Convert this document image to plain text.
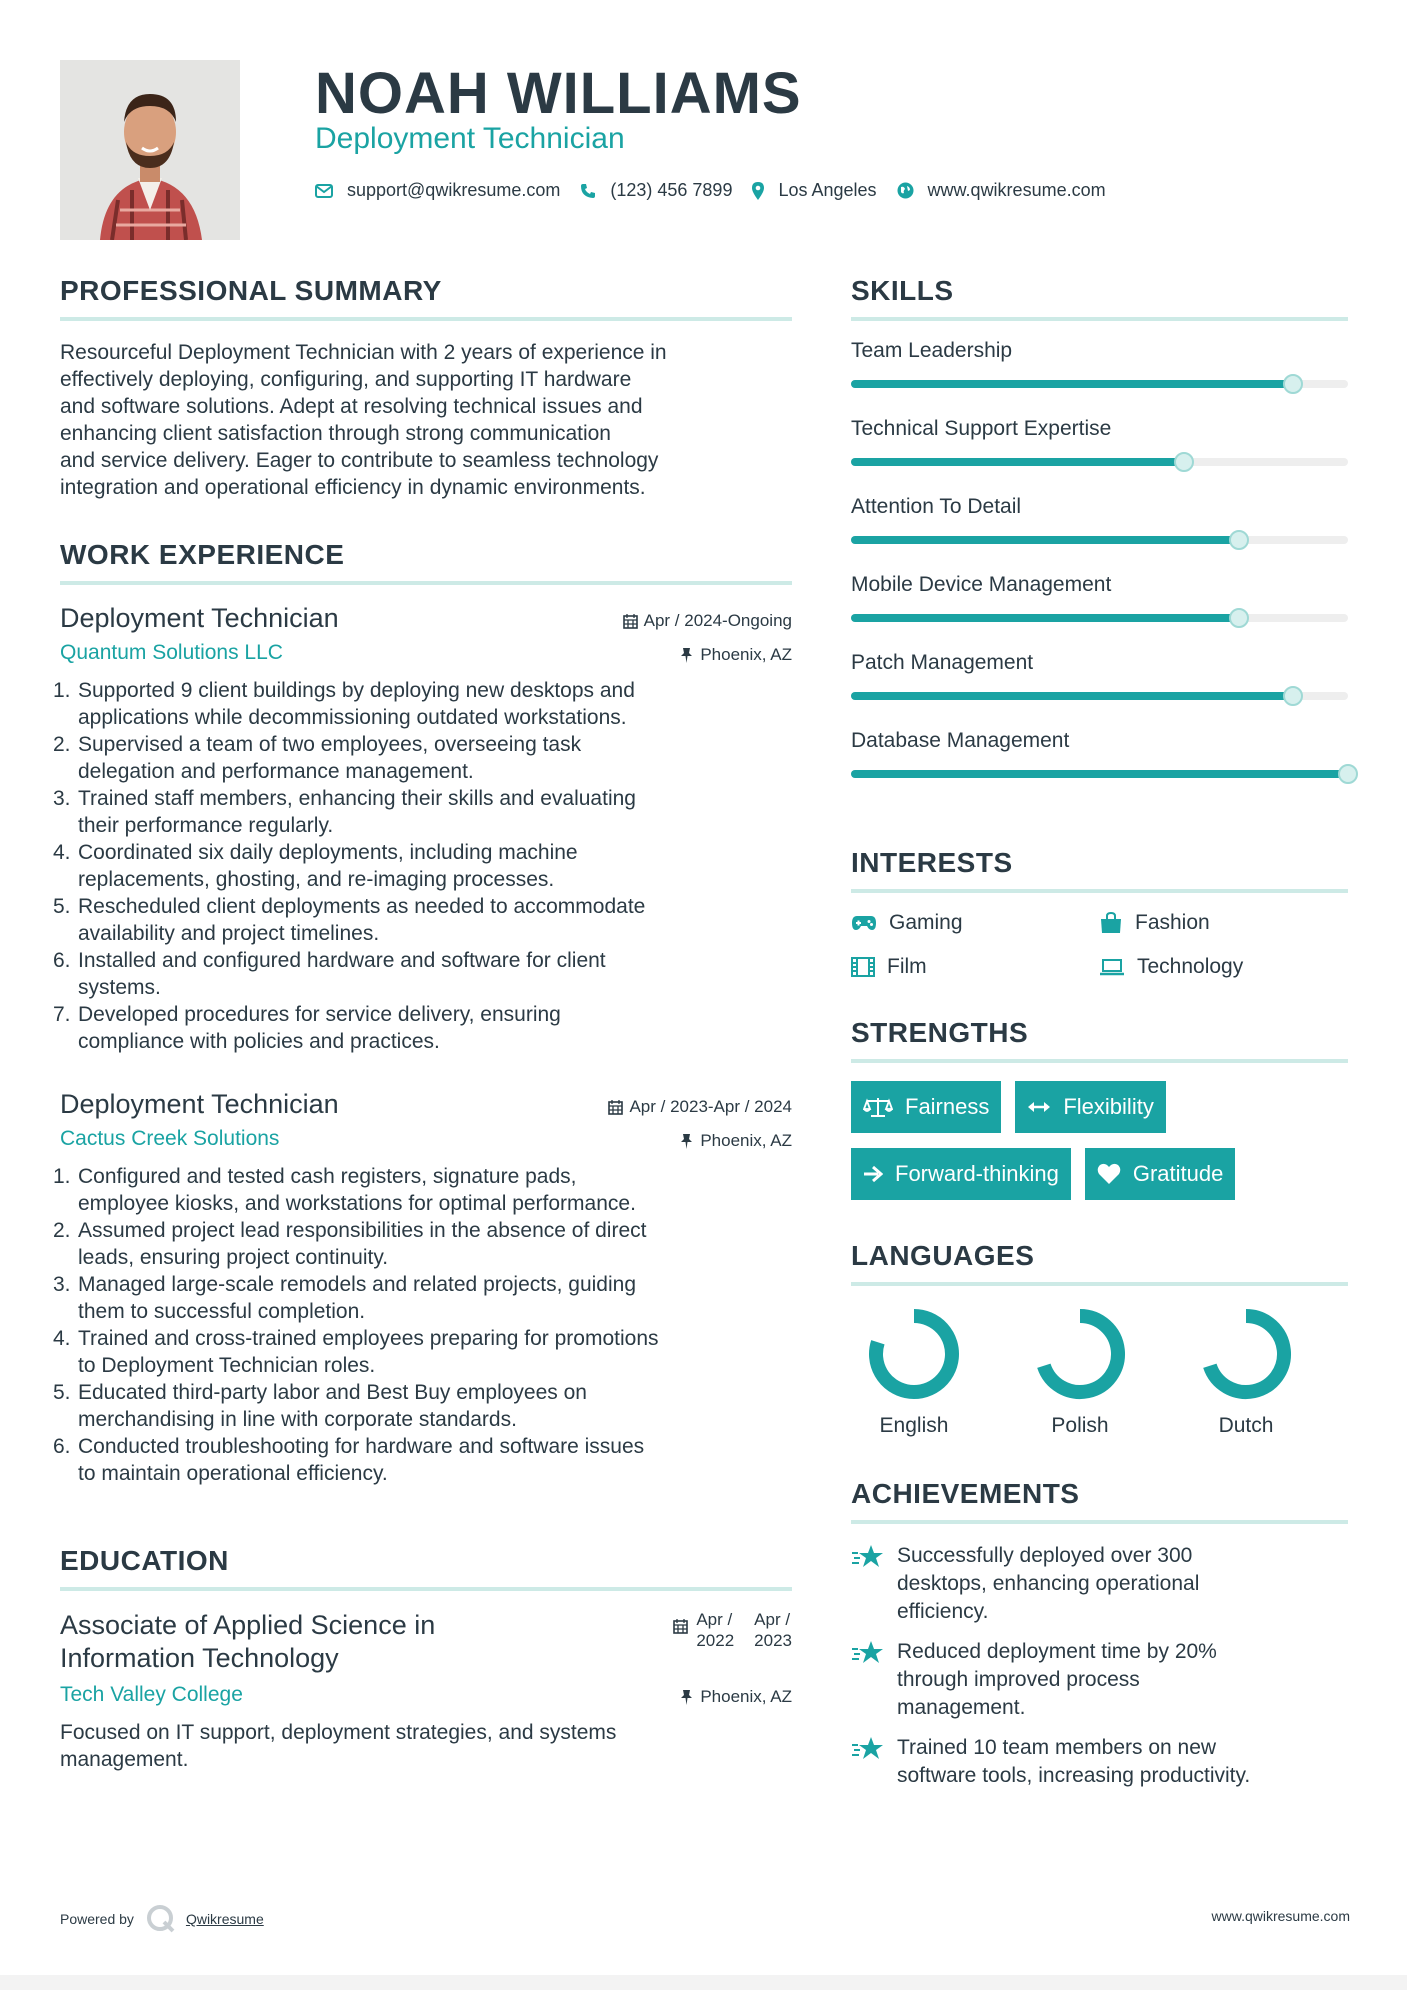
NOAH WILLIAMS
Deployment Technician
support@qwikresume.com	(123) 456 7899	Los Angeles	www.qwikresume.com
PROFESSIONAL SUMMARY
Resourceful Deployment Technician with 2 years of experience in
effectively deploying, configuring, and supporting IT hardware
and software solutions. Adept at resolving technical issues and
enhancing client satisfaction through strong communication
and service delivery. Eager to contribute to seamless technology
integration and operational efficiency in dynamic environments.
WORK EXPERIENCE
Deployment Technician	Apr / 2024-Ongoing
Quantum Solutions LLC	Phoenix, AZ
1. Supported 9 client buildings by deploying new desktops and
applications while decommissioning outdated workstations.
2. Supervised a team of two employees, overseeing task
delegation and performance management.
3. Trained staff members, enhancing their skills and evaluating
their performance regularly.
4. Coordinated six daily deployments, including machine
replacements, ghosting, and re-imaging processes.
5. Rescheduled client deployments as needed to accommodate
availability and project timelines.
6. Installed and configured hardware and software for client
systems.
7. Developed procedures for service delivery, ensuring
compliance with policies and practices.
Deployment Technician	Apr / 2023-Apr / 2024
Cactus Creek Solutions	Phoenix, AZ
1. Configured and tested cash registers, signature pads,
employee kiosks, and workstations for optimal performance.
2. Assumed project lead responsibilities in the absence of direct
leads, ensuring project continuity.
3. Managed large-scale remodels and related projects, guiding
them to successful completion.
4. Trained and cross-trained employees preparing for promotions
to Deployment Technician roles.
5. Educated third-party labor and Best Buy employees on
merchandising in line with corporate standards.
6. Conducted troubleshooting for hardware and software issues
to maintain operational efficiency.
EDUCATION
Associate of Applied Science in
Information Technology
Apr /
2022
Apr /
2023
Tech Valley College	Phoenix, AZ
Focused on IT support, deployment strategies, and systems
management.
SKILLS
Team Leadership
Technical Support Expertise
Attention To Detail
Mobile Device Management
Patch Management
Database Management
INTERESTS
Gaming	Fashion
Film	Technology
STRENGTHS
Fairness	Flexibility
Forward-thinking	Gratitude
LANGUAGES
English	Polish	Dutch
ACHIEVEMENTS
Successfully deployed over 300
desktops, enhancing operational
efficiency.
Reduced deployment time by 20%
through improved process
management.
Trained 10 team members on new
software tools, increasing productivity.
Powered by	Qwikresume	www.qwikresume.com
